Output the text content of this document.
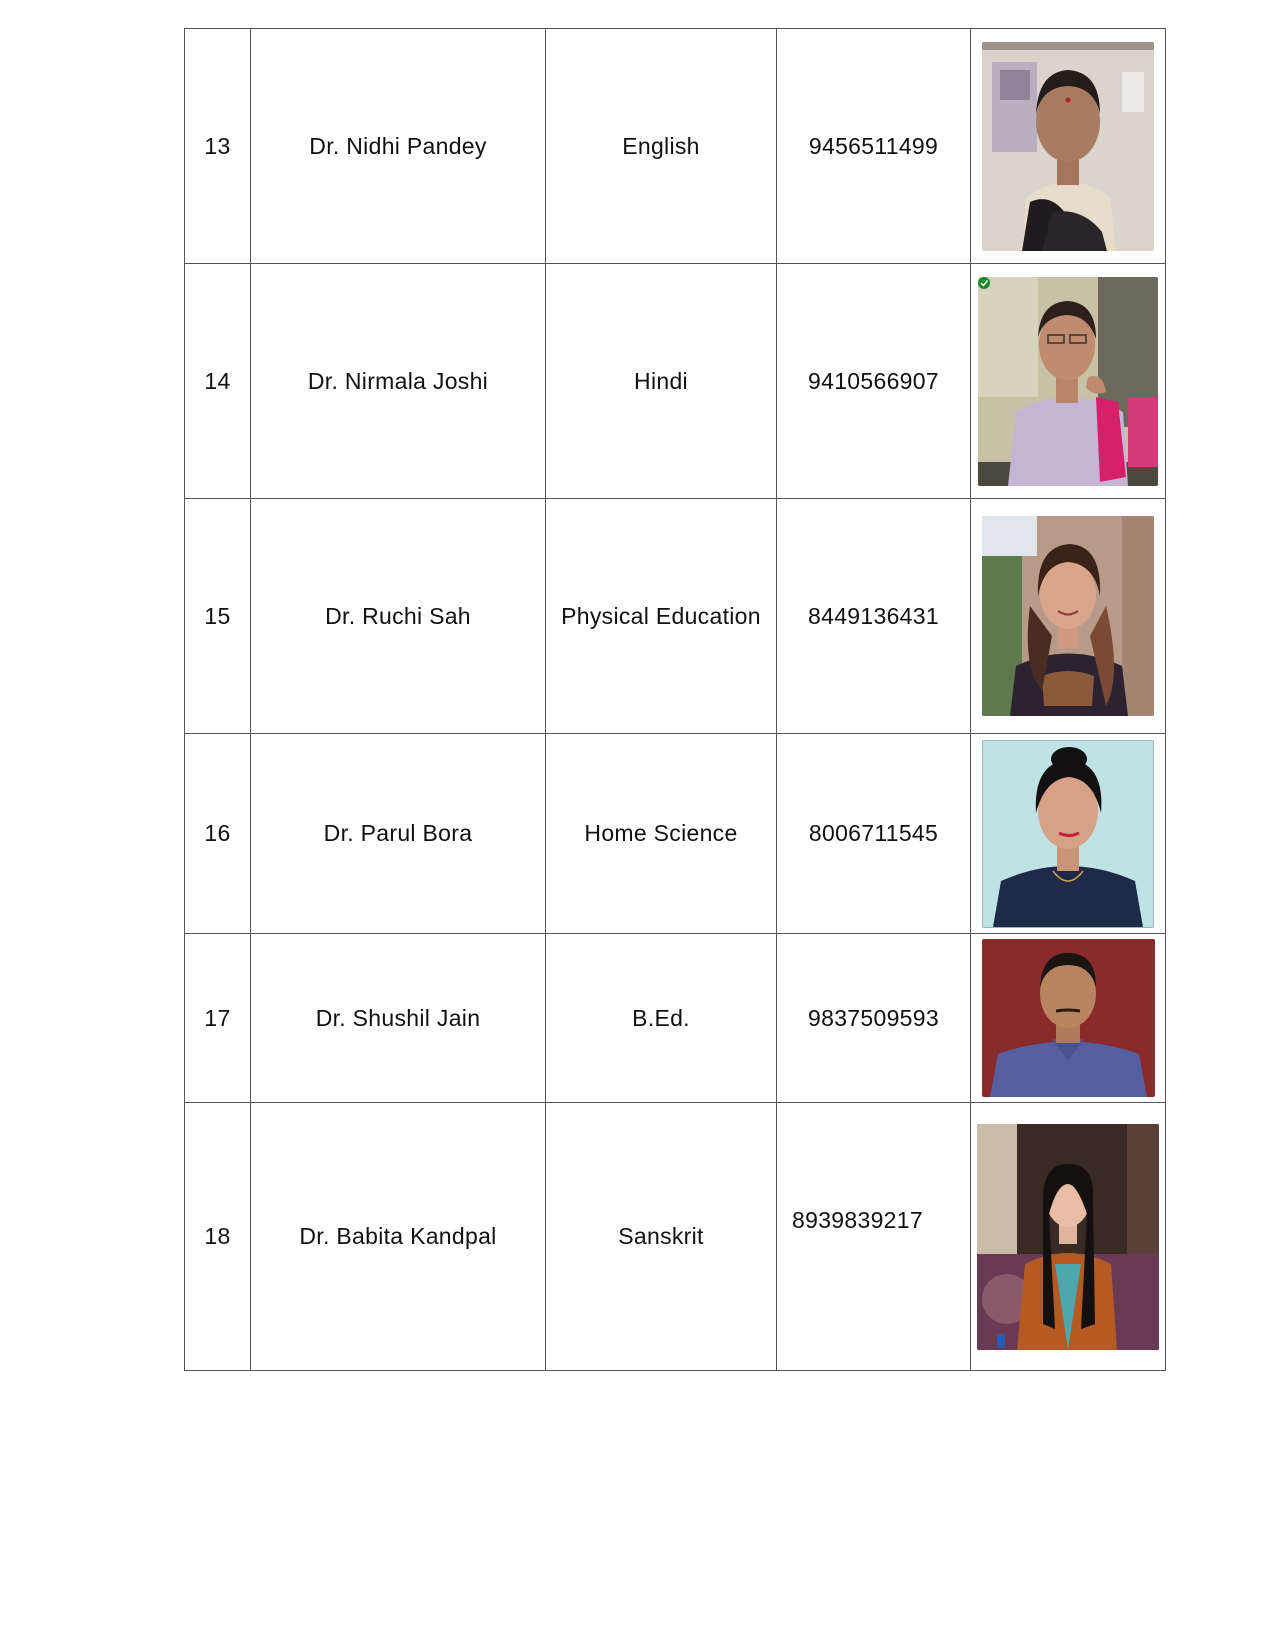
13	Dr. Nidhi Pandey	English	9456511499	

14	Dr. Nirmala Joshi	Hindi	9410566907	

15	Dr. Ruchi Sah	Physical Education	8449136431	

16	Dr. Parul Bora	Home Science	8006711545	

17	Dr. Shushil Jain	B.Ed.	9837509593	

18	Dr. Babita Kandpal	Sanskrit	8939839217	
